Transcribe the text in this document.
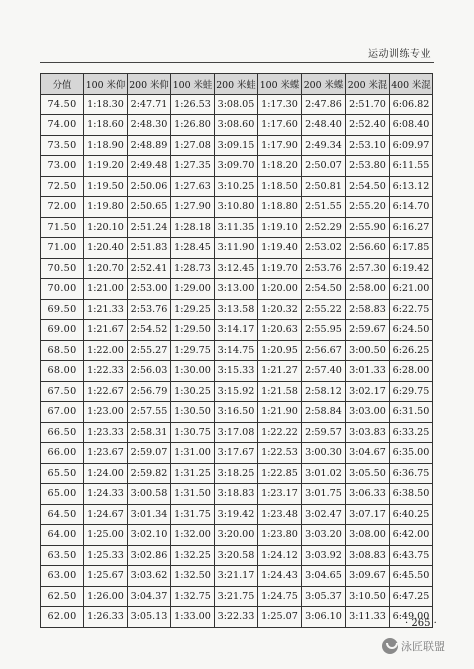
运动训练专业
分值	100 米仰	200 米仰	100 米蛙	200 米蛙	100 米蝶	200 米蝶	200 米混	400 米混
74.50	1:18.30	2:47.71	1:26.53	3:08.05	1:17.30	2:47.86	2:51.70	6:06.82
74.00	1:18.60	2:48.30	1:26.80	3:08.60	1:17.60	2:48.40	2:52.40	6:08.40
73.50	1:18.90	2:48.89	1:27.08	3:09.15	1:17.90	2:49.34	2:53.10	6:09.97
73.00	1:19.20	2:49.48	1:27.35	3:09.70	1:18.20	2:50.07	2:53.80	6:11.55
72.50	1:19.50	2:50.06	1:27.63	3:10.25	1:18.50	2:50.81	2:54.50	6:13.12
72.00	1:19.80	2:50.65	1:27.90	3:10.80	1:18.80	2:51.55	2:55.20	6:14.70
71.50	1:20.10	2:51.24	1:28.18	3:11.35	1:19.10	2:52.29	2:55.90	6:16.27
71.00	1:20.40	2:51.83	1:28.45	3:11.90	1:19.40	2:53.02	2:56.60	6:17.85
70.50	1:20.70	2:52.41	1:28.73	3:12.45	1:19.70	2:53.76	2:57.30	6:19.42
70.00	1:21.00	2:53.00	1:29.00	3:13.00	1:20.00	2:54.50	2:58.00	6:21.00
69.50	1:21.33	2:53.76	1:29.25	3:13.58	1:20.32	2:55.22	2:58.83	6:22.75
69.00	1:21.67	2:54.52	1:29.50	3:14.17	1:20.63	2:55.95	2:59.67	6:24.50
68.50	1:22.00	2:55.27	1:29.75	3:14.75	1:20.95	2:56.67	3:00.50	6:26.25
68.00	1:22.33	2:56.03	1:30.00	3:15.33	1:21.27	2:57.40	3:01.33	6:28.00
67.50	1:22.67	2:56.79	1:30.25	3:15.92	1:21.58	2:58.12	3:02.17	6:29.75
67.00	1:23.00	2:57.55	1:30.50	3:16.50	1:21.90	2:58.84	3:03.00	6:31.50
66.50	1:23.33	2:58.31	1:30.75	3:17.08	1:22.22	2:59.57	3:03.83	6:33.25
66.00	1:23.67	2:59.07	1:31.00	3:17.67	1:22.53	3:00.30	3:04.67	6:35.00
65.50	1:24.00	2:59.82	1:31.25	3:18.25	1:22.85	3:01.02	3:05.50	6:36.75
65.00	1:24.33	3:00.58	1:31.50	3:18.83	1:23.17	3:01.75	3:06.33	6:38.50
64.50	1:24.67	3:01.34	1:31.75	3:19.42	1:23.48	3:02.47	3:07.17	6:40.25
64.00	1:25.00	3:02.10	1:32.00	3:20.00	1:23.80	3:03.20	3:08.00	6:42.00
63.50	1:25.33	3:02.86	1:32.25	3:20.58	1:24.12	3:03.92	3:08.83	6:43.75
63.00	1:25.67	3:03.62	1:32.50	3:21.17	1:24.43	3:04.65	3:09.67	6:45.50
62.50	1:26.00	3:04.37	1:32.75	3:21.75	1:24.75	3:05.37	3:10.50	6:47.25
62.00	1:26.33	3:05.13	1:33.00	3:22.33	1:25.07	3:06.10	3:11.33	6:49.00
· 265 ·
泳匠联盟
